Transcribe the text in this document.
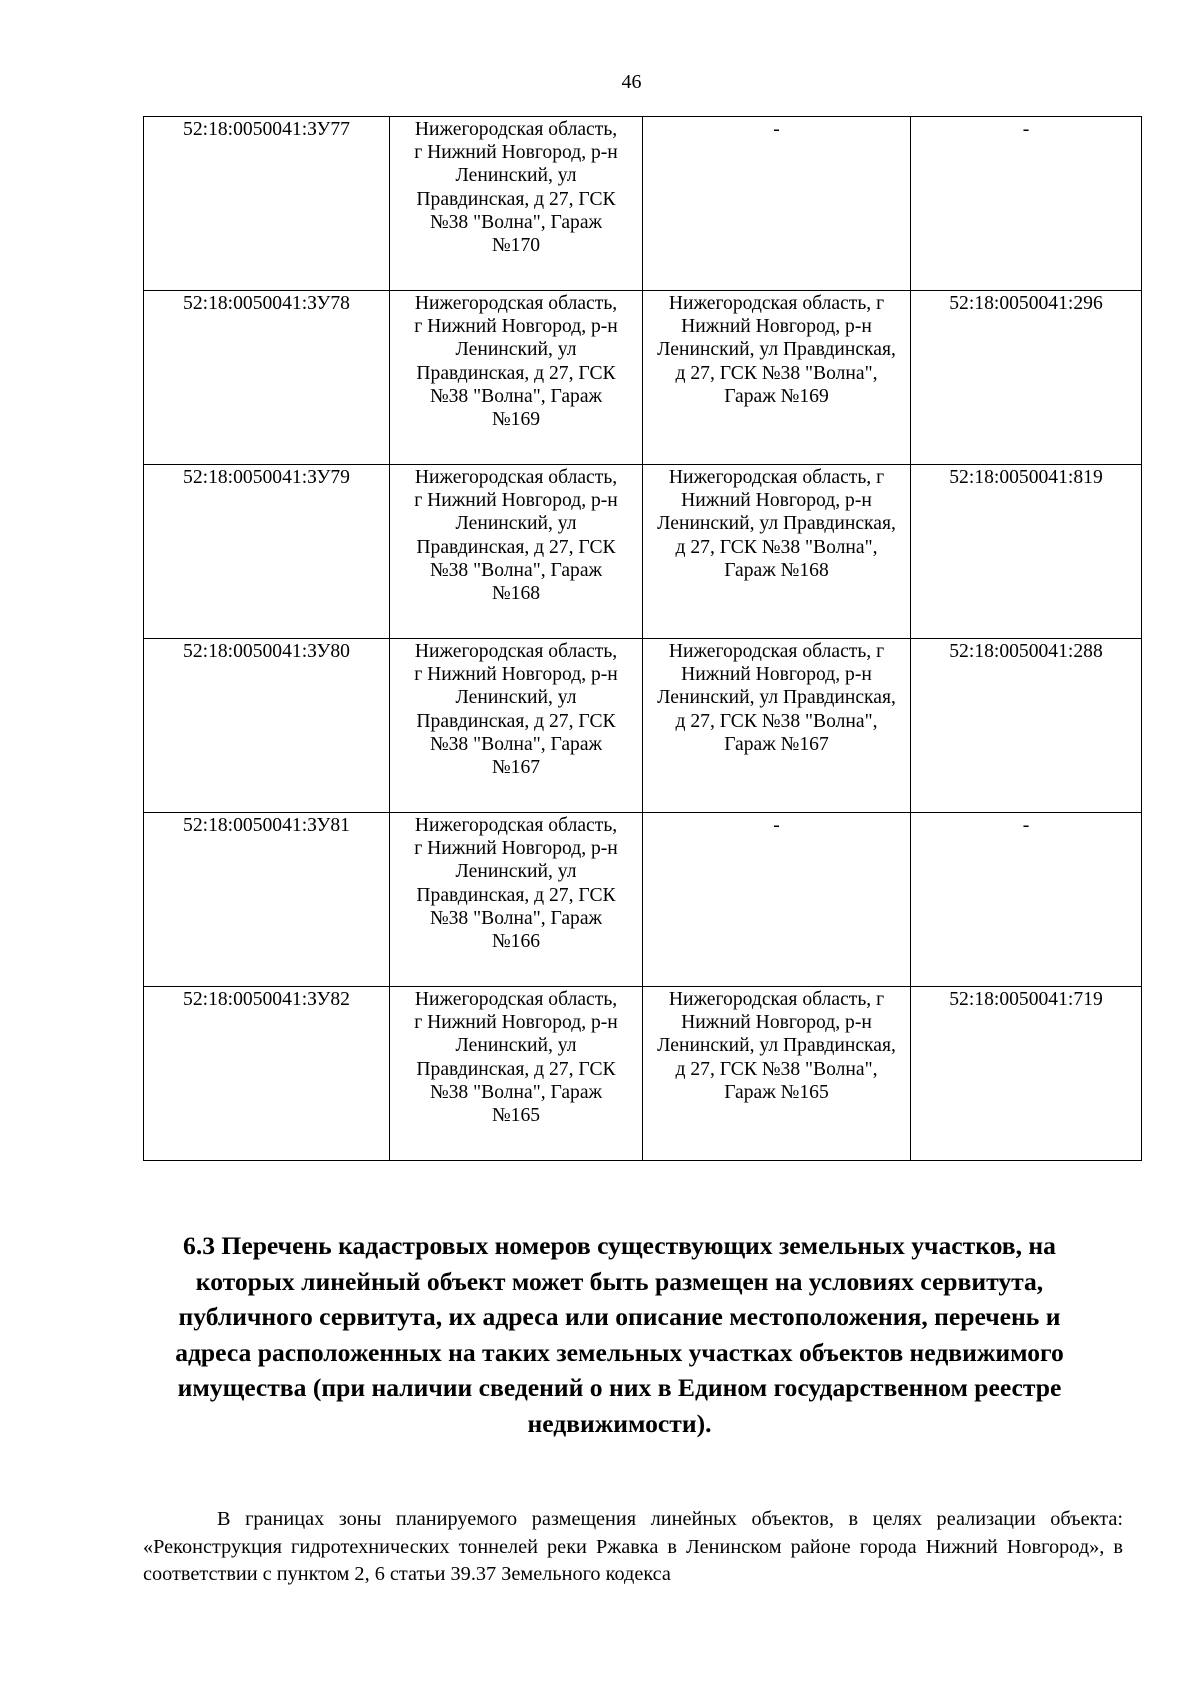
46
52:18:0050041:ЗУ77	Нижегородская область, г Нижний Новгород, р-н Ленинский, ул Правдинская, д 27, ГСК №38 "Волна", Гараж №170	-	-
52:18:0050041:ЗУ78	Нижегородская область, г Нижний Новгород, р-н Ленинский, ул Правдинская, д 27, ГСК №38 "Волна", Гараж №169	Нижегородская область, г Нижний Новгород, р-н Ленинский, ул Правдинская, д 27, ГСК №38 "Волна", Гараж №169	52:18:0050041:296
52:18:0050041:ЗУ79	Нижегородская область, г Нижний Новгород, р-н Ленинский, ул Правдинская, д 27, ГСК №38 "Волна", Гараж №168	Нижегородская область, г Нижний Новгород, р-н Ленинский, ул Правдинская, д 27, ГСК №38 "Волна", Гараж №168	52:18:0050041:819
52:18:0050041:ЗУ80	Нижегородская область, г Нижний Новгород, р-н Ленинский, ул Правдинская, д 27, ГСК №38 "Волна", Гараж №167	Нижегородская область, г Нижний Новгород, р-н Ленинский, ул Правдинская, д 27, ГСК №38 "Волна", Гараж №167	52:18:0050041:288
52:18:0050041:ЗУ81	Нижегородская область, г Нижний Новгород, р-н Ленинский, ул Правдинская, д 27, ГСК №38 "Волна", Гараж №166	-	-
52:18:0050041:ЗУ82	Нижегородская область, г Нижний Новгород, р-н Ленинский, ул Правдинская, д 27, ГСК №38 "Волна", Гараж №165	Нижегородская область, г Нижний Новгород, р-н Ленинский, ул Правдинская, д 27, ГСК №38 "Волна", Гараж №165	52:18:0050041:719
6.3 Перечень кадастровых номеров существующих земельных участков, на которых линейный объект может быть размещен на условиях сервитута, публичного сервитута, их адреса или описание местоположения, перечень и адреса расположенных на таких земельных участках объектов недвижимого имущества (при наличии сведений о них в Едином государственном реестре недвижимости).

В границах зоны планируемого размещения линейных объектов, в целях реализации объекта: «Реконструкция гидротехнических тоннелей реки Ржавка в Ленинском районе города Нижний Новгород», в соответствии с пунктом 2, 6 статьи 39.37 Земельного кодекса
